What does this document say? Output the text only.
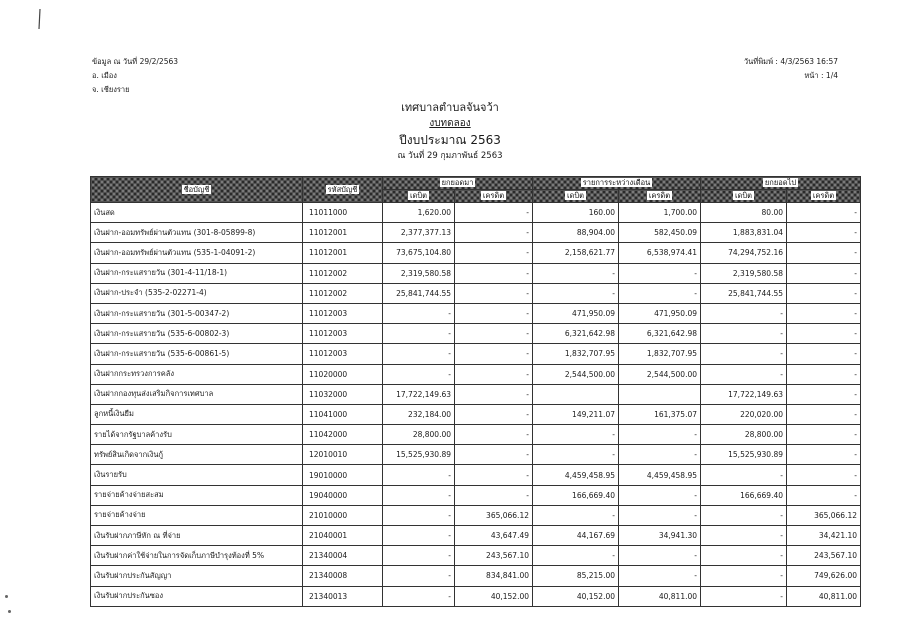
ข้อมูล ณ วันที่ 29/2/2563
อ. เมือง
จ. เชียงราย
วันที่พิมพ์ : 4/3/2563 16:57
หน้า : 1/4
เทศบาลตำบลจันจว้า
งบทดลอง
ปีงบประมาณ 2563
ณ วันที่ 29 กุมภาพันธ์ 2563
ชื่อบัญชี	รหัสบัญชี	ยกยอดมา		รายการระหว่างเดือน		ยกยอดไป	
		เดบิต	เครดิต	เดบิต	เครดิต	เดบิต	เครดิต
เงินสด	11011000	1,620.00	-	160.00	1,700.00	80.00	-
เงินฝาก-ออมทรัพย์ผ่านตัวแทน (301-8-05899-8)	11012001	2,377,377.13	-	88,904.00	582,450.09	1,883,831.04	-
เงินฝาก-ออมทรัพย์ผ่านตัวแทน (535-1-04091-2)	11012001	73,675,104.80	-	2,158,621.77	6,538,974.41	74,294,752.16	-
เงินฝาก-กระแสรายวัน (301-4-11/18-1)	11012002	2,319,580.58	-	-	-	2,319,580.58	-
เงินฝาก-ประจำ (535-2-02271-4)	11012002	25,841,744.55	-	-	-	25,841,744.55	-
เงินฝาก-กระแสรายวัน (301-5-00347-2)	11012003	-	-	471,950.09	471,950.09	-	-
เงินฝาก-กระแสรายวัน (535-6-00802-3)	11012003	-	-	6,321,642.98	6,321,642.98	-	-
เงินฝาก-กระแสรายวัน (535-6-00861-5)	11012003	-	-	1,832,707.95	1,832,707.95	-	-
เงินฝากกระทรวงการคลัง	11020000	-	-	2,544,500.00	2,544,500.00	-	-
เงินฝากกองทุนส่งเสริมกิจการเทศบาล	11032000	17,722,149.63	-			17,722,149.63	-
ลูกหนี้เงินยืม	11041000	232,184.00	-	149,211.07	161,375.07	220,020.00	-
รายได้จากรัฐบาลค้างรับ	11042000	28,800.00	-	-	-	28,800.00	-
ทรัพย์สินเกิดจากเงินกู้	12010010	15,525,930.89	-	-	-	15,525,930.89	-
เงินรายรับ	19010000	-	-	4,459,458.95	4,459,458.95	-	-
รายจ่ายค้างจ่ายสะสม	19040000	-	-	166,669.40	-	166,669.40	-
รายจ่ายค้างจ่าย	21010000	-	365,066.12	-	-	-	365,066.12
เงินรับฝากภาษีหัก ณ ที่จ่าย	21040001	-	43,647.49	44,167.69	34,941.30	-	34,421.10
เงินรับฝากค่าใช้จ่ายในการจัดเก็บภาษีบำรุงท้องที่ 5%	21340004	-	243,567.10	-	-	-	243,567.10
เงินรับฝากประกันสัญญา	21340008	-	834,841.00	85,215.00	-	-	749,626.00
เงินรับฝากประกันซอง	21340013	-	40,152.00	40,152.00	40,811.00	-	40,811.00
